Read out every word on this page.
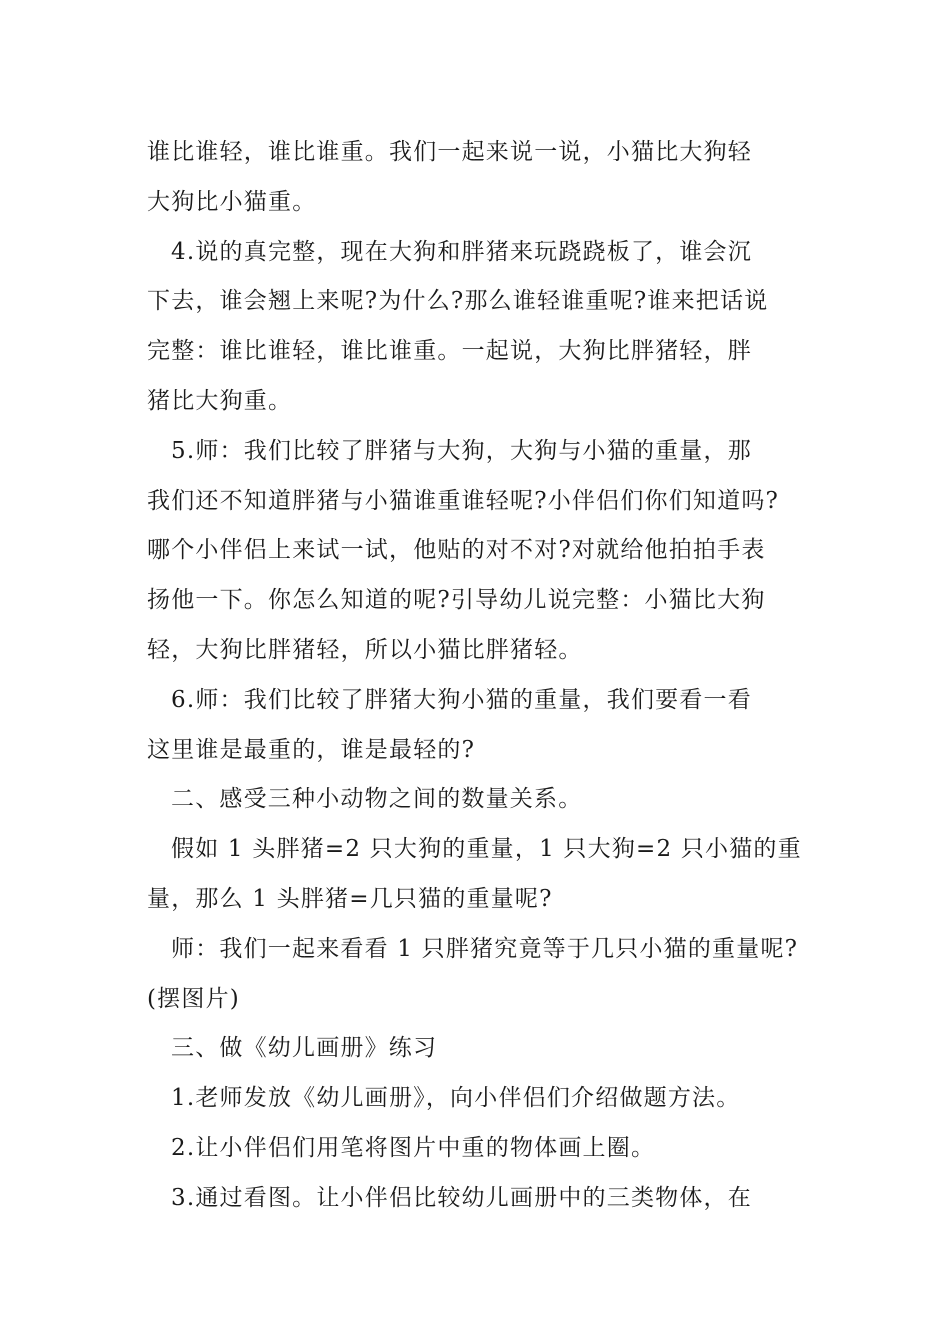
谁比谁轻，谁比谁重。我们一起来说一说，小猫比大狗轻
大狗比小猫重。
4.说的真完整，现在大狗和胖猪来玩跷跷板了，谁会沉
下去，谁会翘上来呢?为什么?那么谁轻谁重呢?谁来把话说
完整：谁比谁轻，谁比谁重。一起说，大狗比胖猪轻，胖
猪比大狗重。
5.师：我们比较了胖猪与大狗，大狗与小猫的重量，那
我们还不知道胖猪与小猫谁重谁轻呢?小伴侣们你们知道吗?
哪个小伴侣上来试一试，他贴的对不对?对就给他拍拍手表
扬他一下。你怎么知道的呢?引导幼儿说完整：小猫比大狗
轻，大狗比胖猪轻，所以小猫比胖猪轻。
6.师：我们比较了胖猪大狗小猫的重量，我们要看一看
这里谁是最重的，谁是最轻的?
二、感受三种小动物之间的数量关系。
假如 1 头胖猪=2 只大狗的重量，1 只大狗=2 只小猫的重
量，那么 1 头胖猪=几只猫的重量呢?
师：我们一起来看看 1 只胖猪究竟等于几只小猫的重量呢?
(摆图片)
三、做《幼儿画册》练习
1.老师发放《幼儿画册》，向小伴侣们介绍做题方法。
2.让小伴侣们用笔将图片中重的物体画上圈。
3.通过看图。让小伴侣比较幼儿画册中的三类物体，在
